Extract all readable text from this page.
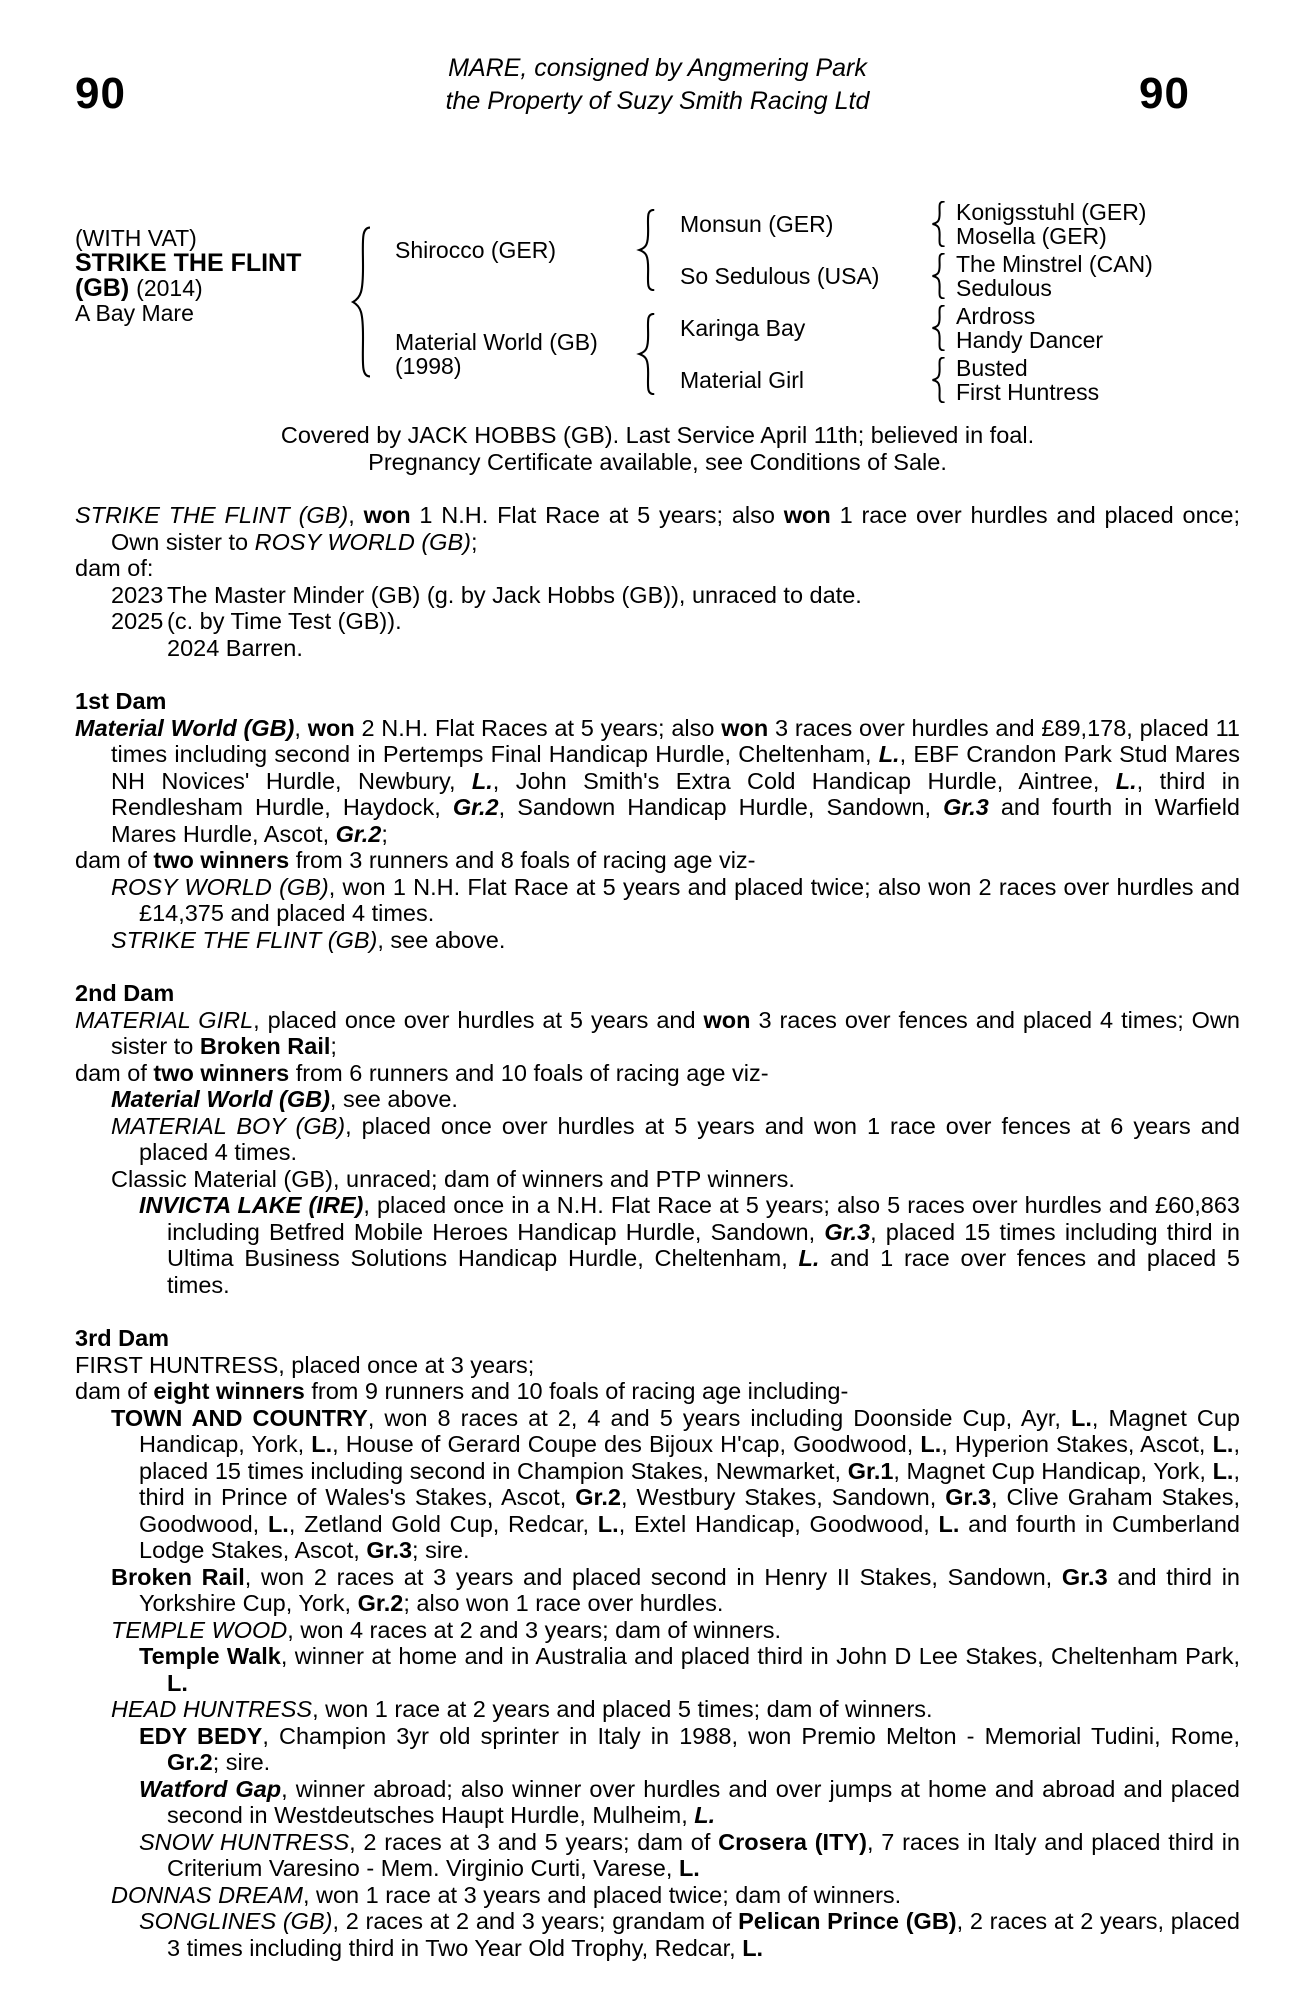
90
MARE, consigned by Angmering Park
the Property of Suzy Smith Racing Ltd	90
(WITH VAT)
STRIKE THE FLINT
(GB) (2014)
A Bay Mare
Shirocco (GER)
Material World (GB)
(1998)
Monsun (GER)
So Sedulous (USA)
Karinga Bay
Material Girl
Konigsstuhl (GER)
Mosella (GER)
The Minstrel (CAN)
Sedulous
Ardross
Handy Dancer
Busted
First Huntress
Covered by JACK HOBBS (GB). Last Service April 11th; believed in foal.
Pregnancy Certificate available, see Conditions of Sale.
STRIKE THE FLINT (GB), won 1 N.H. Flat Race at 5 years; also won 1 race over hurdles and placed once; Own sister to ROSY WORLD (GB);
dam of:
2023 The Master Minder (GB) (g. by Jack Hobbs (GB)), unraced to date.
2025 (c. by Time Test (GB)).
2024 Barren.
1st Dam
Material World (GB), won 2 N.H. Flat Races at 5 years; also won 3 races over hurdles and £89,178, placed 11 times including second in Pertemps Final Handicap Hurdle, Cheltenham, L., EBF Crandon Park Stud Mares NH Novices' Hurdle, Newbury, L., John Smith's Extra Cold Handicap Hurdle, Aintree, L., third in Rendlesham Hurdle, Haydock, Gr.2, Sandown Handicap Hurdle, Sandown, Gr.3 and fourth in Warfield Mares Hurdle, Ascot, Gr.2;
dam of two winners from 3 runners and 8 foals of racing age viz-
ROSY WORLD (GB), won 1 N.H. Flat Race at 5 years and placed twice; also won 2 races over hurdles and £14,375 and placed 4 times.
STRIKE THE FLINT (GB), see above.
2nd Dam
MATERIAL GIRL, placed once over hurdles at 5 years and won 3 races over fences and placed 4 times; Own sister to Broken Rail;
dam of two winners from 6 runners and 10 foals of racing age viz-
Material World (GB), see above.
MATERIAL BOY (GB), placed once over hurdles at 5 years and won 1 race over fences at 6 years and placed 4 times.
Classic Material (GB), unraced; dam of winners and PTP winners.
INVICTA LAKE (IRE), placed once in a N.H. Flat Race at 5 years; also 5 races over hurdles and £60,863 including Betfred Mobile Heroes Handicap Hurdle, Sandown, Gr.3, placed 15 times including third in Ultima Business Solutions Handicap Hurdle, Cheltenham, L. and 1 race over fences and placed 5 times.
3rd Dam
FIRST HUNTRESS, placed once at 3 years;
dam of eight winners from 9 runners and 10 foals of racing age including-
TOWN AND COUNTRY, won 8 races at 2, 4 and 5 years including Doonside Cup, Ayr, L., Magnet Cup Handicap, York, L., House of Gerard Coupe des Bijoux H'cap, Goodwood, L., Hyperion Stakes, Ascot, L., placed 15 times including second in Champion Stakes, Newmarket, Gr.1, Magnet Cup Handicap, York, L., third in Prince of Wales's Stakes, Ascot, Gr.2, Westbury Stakes, Sandown, Gr.3, Clive Graham Stakes, Goodwood, L., Zetland Gold Cup, Redcar, L., Extel Handicap, Goodwood, L. and fourth in Cumberland Lodge Stakes, Ascot, Gr.3; sire.
Broken Rail, won 2 races at 3 years and placed second in Henry II Stakes, Sandown, Gr.3 and third in Yorkshire Cup, York, Gr.2; also won 1 race over hurdles.
TEMPLE WOOD, won 4 races at 2 and 3 years; dam of winners.
Temple Walk, winner at home and in Australia and placed third in John D Lee Stakes, Cheltenham Park, L.
HEAD HUNTRESS, won 1 race at 2 years and placed 5 times; dam of winners.
EDY BEDY, Champion 3yr old sprinter in Italy in 1988, won Premio Melton - Memorial Tudini, Rome, Gr.2; sire.
Watford Gap, winner abroad; also winner over hurdles and over jumps at home and abroad and placed second in Westdeutsches Haupt Hurdle, Mulheim, L.
SNOW HUNTRESS, 2 races at 3 and 5 years; dam of Crosera (ITY), 7 races in Italy and placed third in Criterium Varesino - Mem. Virginio Curti, Varese, L.
DONNAS DREAM, won 1 race at 3 years and placed twice; dam of winners.
SONGLINES (GB), 2 races at 2 and 3 years; grandam of Pelican Prince (GB), 2 races at 2 years, placed 3 times including third in Two Year Old Trophy, Redcar, L.
